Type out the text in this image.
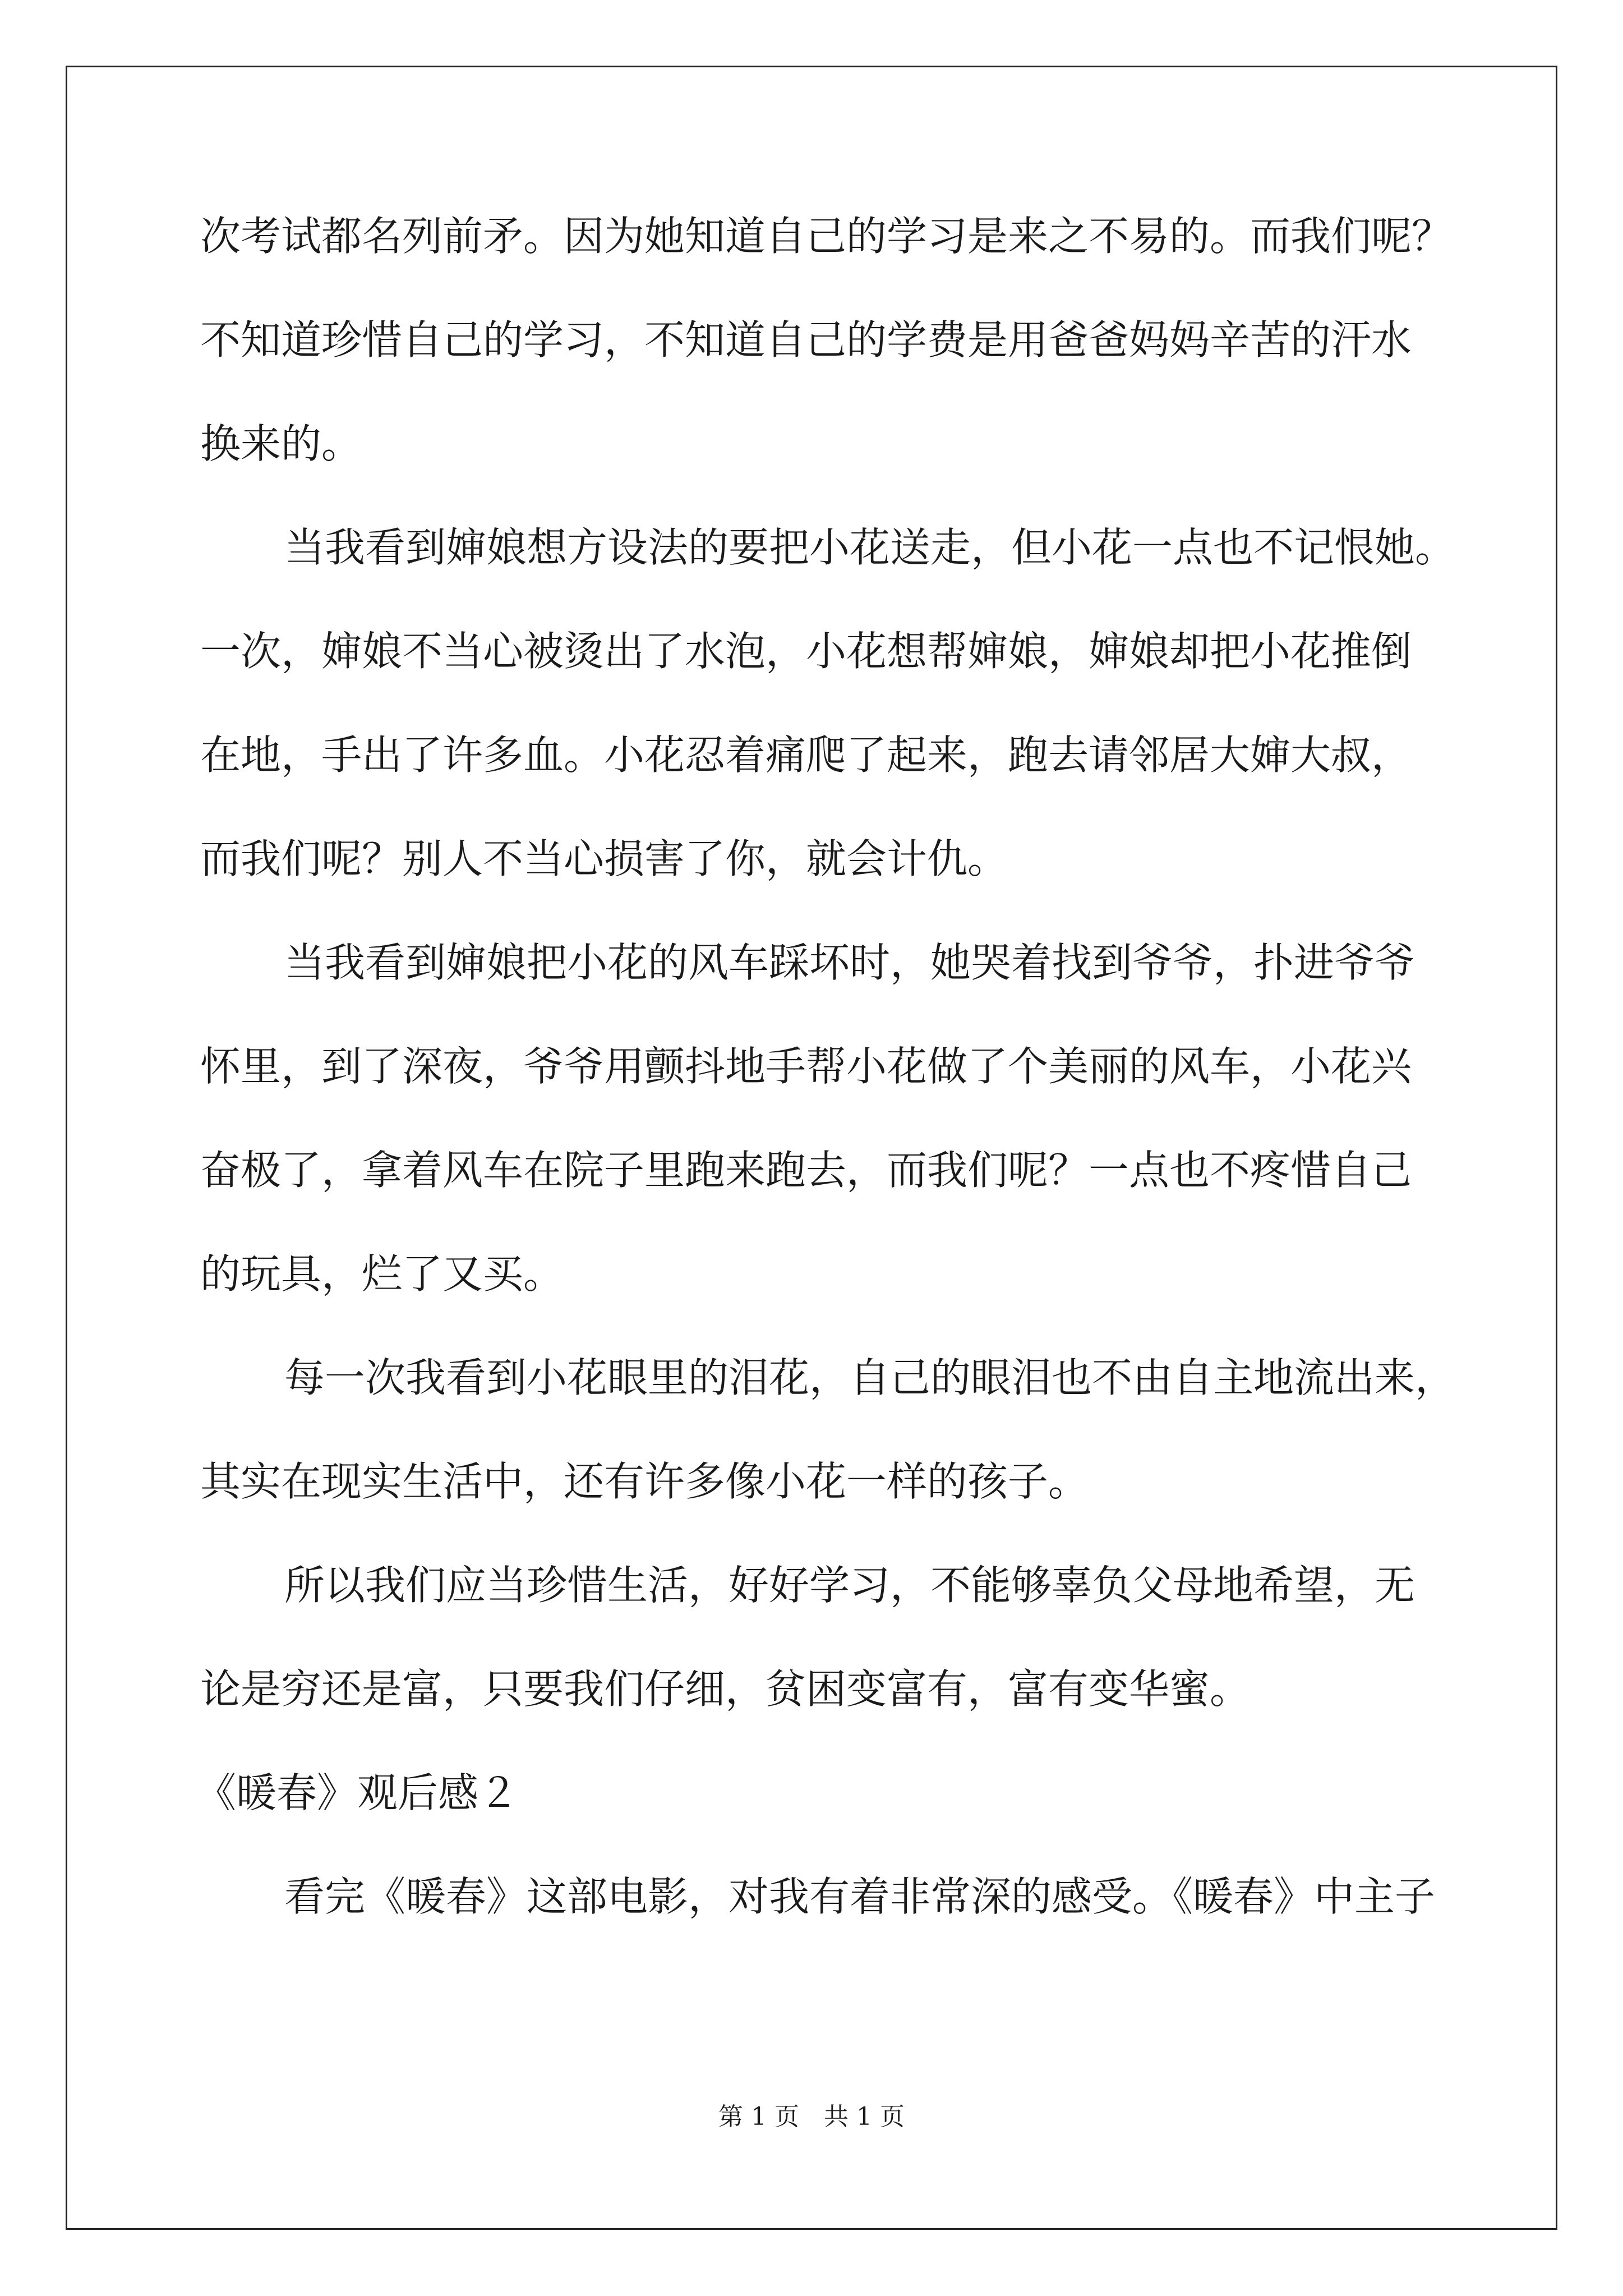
次考试都名列前矛。因为她知道自己的学习是来之不易的。而我们呢？
不知道珍惜自己的学习，不知道自己的学费是用爸爸妈妈辛苦的汗水
换来的。
当我看到婶娘想方设法的要把小花送走，但小花一点也不记恨她。
一次，婶娘不当心被烫出了水泡，小花想帮婶娘，婶娘却把小花推倒
在地，手出了许多血。小花忍着痛爬了起来，跑去请邻居大婶大叔，
而我们呢？别人不当心损害了你，就会计仇。
当我看到婶娘把小花的风车踩坏时，她哭着找到爷爷，扑进爷爷
怀里，到了深夜，爷爷用颤抖地手帮小花做了个美丽的风车，小花兴
奋极了，拿着风车在院子里跑来跑去，而我们呢？一点也不疼惜自己
的玩具，烂了又买。
每一次我看到小花眼里的泪花，自己的眼泪也不由自主地流出来，
其实在现实生活中，还有许多像小花一样的孩子。
所以我们应当珍惜生活，好好学习，不能够辜负父母地希望，无
论是穷还是富，只要我们仔细，贫困变富有，富有变华蜜。
《暖春》观后感２
看完《暖春》这部电影，对我有着非常深的感受。《暖春》中主子
第 1 页　共 1 页
